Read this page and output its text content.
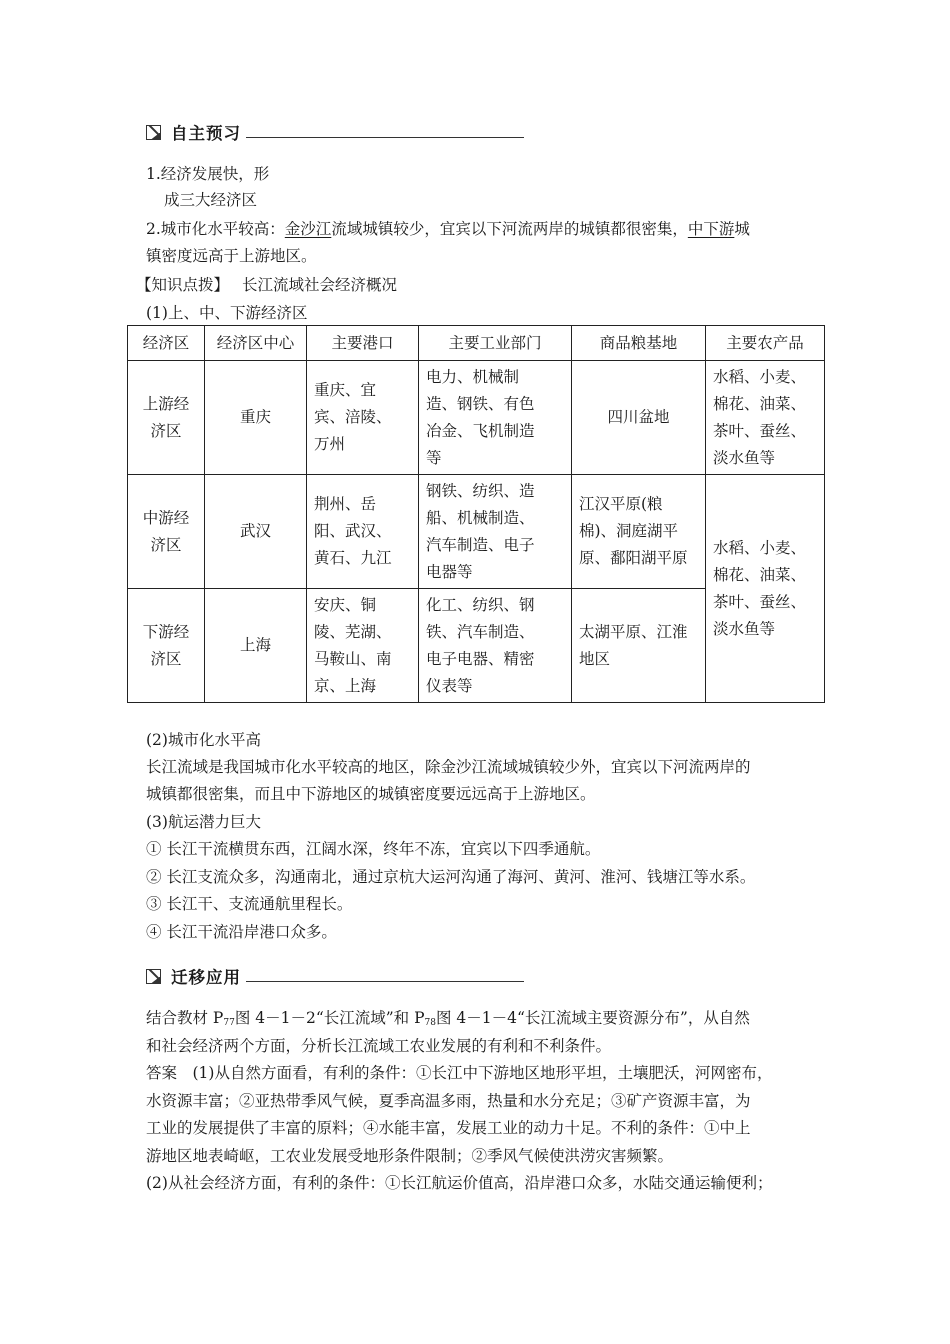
自主预习
1.经济发展快，形
成三大经济区
2.城市化水平较高：金沙江流域城镇较少，宜宾以下河流两岸的城镇都很密集，中下游城
镇密度远高于上游地区。
【知识点拨】 长江流域社会经济概况
(1)上、中、下游经济区
经济区	经济区中心	主要港口	主要工业部门	商品粮基地	主要农产品
上游经
济区	重庆	重庆、宜
宾、涪陵、
万州	电力、机械制
造、钢铁、有色
冶金、飞机制造
等	四川盆地	水稻、小麦、
棉花、油菜、
茶叶、蚕丝、
淡水鱼等
中游经
济区	武汉	荆州、岳
阳、武汉、
黄石、九江	钢铁、纺织、造
船、机械制造、
汽车制造、电子
电器等	江汉平原(粮
棉)、洞庭湖平
原、鄱阳湖平原	水稻、小麦、
棉花、油菜、
茶叶、蚕丝、
淡水鱼等
下游经
济区	上海	安庆、铜
陵、芜湖、
马鞍山、南
京、上海	化工、纺织、钢
铁、汽车制造、
电子电器、精密
仪表等	太湖平原、江淮
地区	
(2)城市化水平高
长江流域是我国城市化水平较高的地区，除金沙江流域城镇较少外，宜宾以下河流两岸的
城镇都很密集，而且中下游地区的城镇密度要远远高于上游地区。
(3)航运潜力巨大
① 长江干流横贯东西，江阔水深，终年不冻，宜宾以下四季通航。
② 长江支流众多，沟通南北，通过京杭大运河沟通了海河、黄河、淮河、钱塘江等水系。
③ 长江干、支流通航里程长。
④ 长江干流沿岸港口众多。
迁移应用
结合教材 $P_{77}$图 4－1－2“长江流域”和 $P_{78}$图 4－1－4“长江流域主要资源分布”，从自然
和社会经济两个方面，分析长江流域工农业发展的有利和不利条件。
答案　(1)从自然方面看，有利的条件：①长江中下游地区地形平坦，土壤肥沃，河网密布，
水资源丰富；②亚热带季风气候，夏季高温多雨，热量和水分充足；③矿产资源丰富，为
工业的发展提供了丰富的原料；④水能丰富，发展工业的动力十足。不利的条件：①中上
游地区地表崎岖，工农业发展受地形条件限制；②季风气候使洪涝灾害频繁。
(2)从社会经济方面，有利的条件：①长江航运价值高，沿岸港口众多，水陆交通运输便利；
